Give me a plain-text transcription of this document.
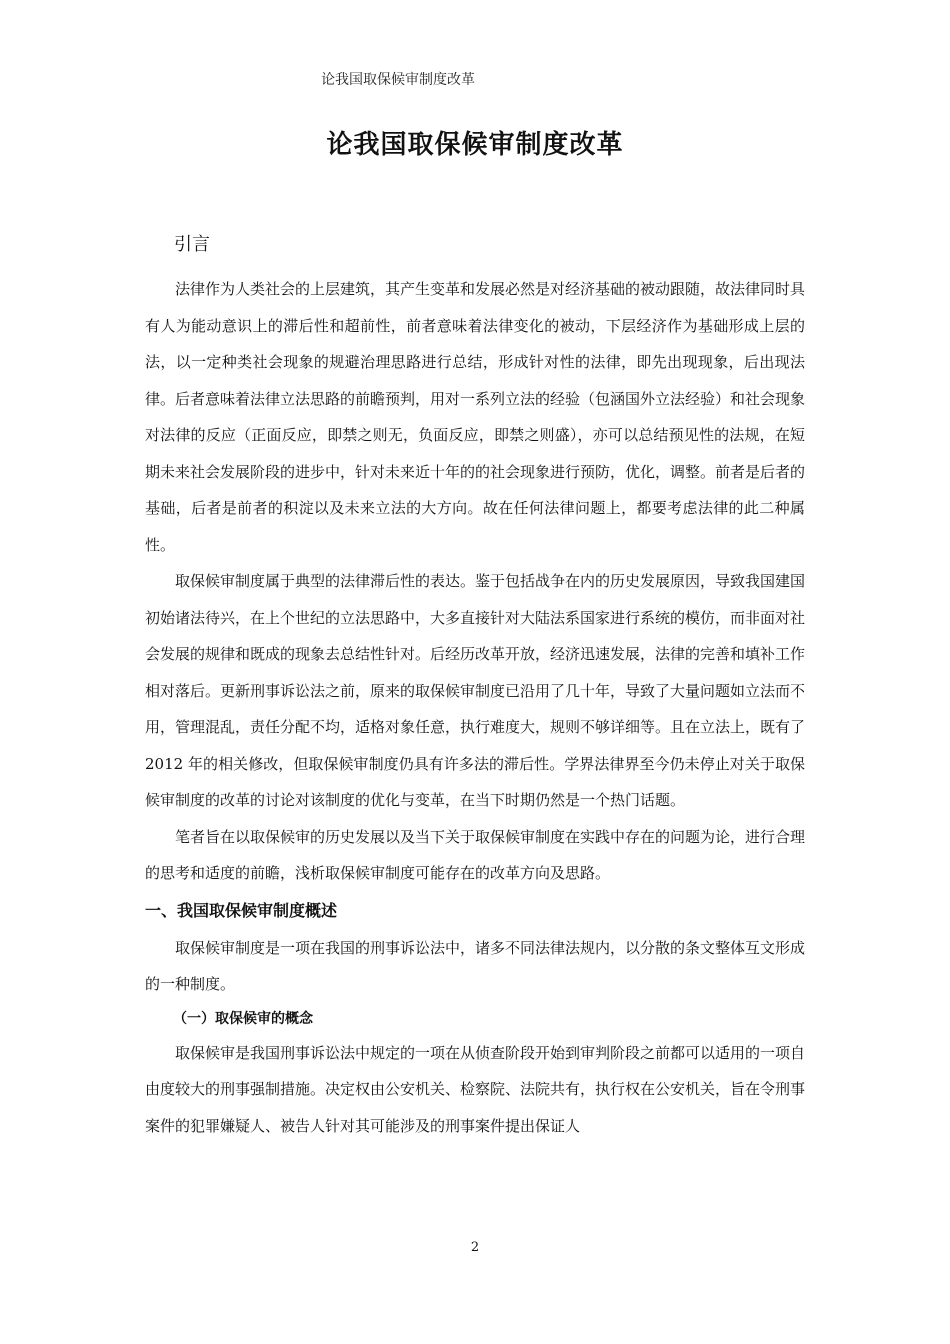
论我国取保候审制度改革
论我国取保候审制度改革
引言

法律作为人类社会的上层建筑，其产生变革和发展必然是对经济基础的被动跟随，故法律同时具有人为能动意识上的滞后性和超前性，前者意味着法律变化的被动，下层经济作为基础形成上层的法，以一定种类社会现象的规避治理思路进行总结，形成针对性的法律，即先出现现象，后出现法律。后者意味着法律立法思路的前瞻预判，用对一系列立法的经验（包涵国外立法经验）和社会现象对法律的反应（正面反应，即禁之则无，负面反应，即禁之则盛），亦可以总结预见性的法规，在短期未来社会发展阶段的进步中，针对未来近十年的的社会现象进行预防，优化，调整。前者是后者的基础，后者是前者的积淀以及未来立法的大方向。故在任何法律问题上，都要考虑法律的此二种属性。

取保候审制度属于典型的法律滞后性的表达。鉴于包括战争在内的历史发展原因，导致我国建国初始诸法待兴，在上个世纪的立法思路中，大多直接针对大陆法系国家进行系统的模仿，而非面对社会发展的规律和既成的现象去总结性针对。后经历改革开放，经济迅速发展，法律的完善和填补工作相对落后。更新刑事诉讼法之前，原来的取保候审制度已沿用了几十年，导致了大量问题如立法而不用，管理混乱，责任分配不均，适格对象任意，执行难度大，规则不够详细等。且在立法上，既有了 2012 年的相关修改，但取保候审制度仍具有许多法的滞后性。学界法律界至今仍未停止对关于取保候审制度的改革的讨论对该制度的优化与变革，在当下时期仍然是一个热门话题。

笔者旨在以取保候审的历史发展以及当下关于取保候审制度在实践中存在的问题为论，进行合理的思考和适度的前瞻，浅析取保候审制度可能存在的改革方向及思路。

一、我国取保候审制度概述

取保候审制度是一项在我国的刑事诉讼法中，诸多不同法律法规内，以分散的条文整体互文形成的一种制度。

（一）取保候审的概念

取保候审是我国刑事诉讼法中规定的一项在从侦查阶段开始到审判阶段之前都可以适用的一项自由度较大的刑事强制措施。决定权由公安机关、检察院、法院共有，执行权在公安机关，旨在令刑事案件的犯罪嫌疑人、被告人针对其可能涉及的刑事案件提出保证人

2
